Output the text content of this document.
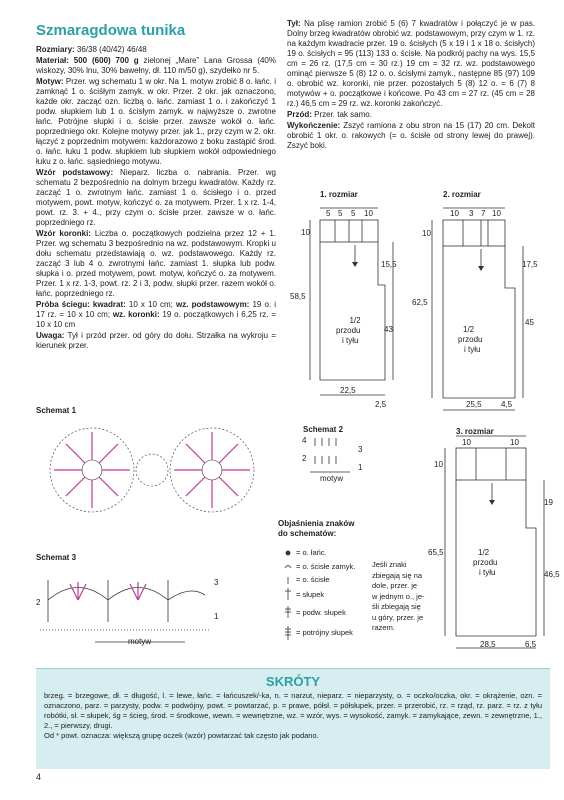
Szmaragdowa tunika

Rozmiary: 36/38 (40/42) 46/48

Materiał: 500 (600) 700 g zielonej „Mare” Lana Grossa (40% wiskozy, 30% lnu, 30% bawełny, dł. 110 m/50 g), szydełko nr 5.

Motyw: Przer. wg schematu 1 w okr. Na 1. motyw zrobić 8 o. łańc. i zamknąć 1 o. ściśłym zamyk. w okr. Przer. 2 okr. jak oznaczono, każde okr. zacząć ozn. liczbą o. łańc. zamiast 1 o. i zakończyć 1 podw. słupkiem lub 1 o. ścisłym zamyk. w najwyższe o. zwrotne łańc. Potrójne słupki i o. ścisłe przer. zawsze wokół o. łańc. poprzedniego okr. Kolejne motywy przer. jak 1., przy czym w 2. okr. łączyć z poprzednim motywem: każdorazowo z boku zastąpić środ. o. łańc. łuku 1 podw. słupkiem lub słupkiem wokół odpowiedniego łuku z o. łańc. sąsiedniego motywu.

Wzór podstawowy: Nieparz. liczba o. nabrania. Przer. wg schematu 2 bezpośrednio na dolnym brzegu kwadratów. Każdy rz. zacząć 1 o. zwrotnym łańc. zamiast 1 o. ścisłego i o. przed motywem, powt. motyw, kończyć o. za motywem. Przer. 1 x rz. 1-4, powt. rz. 3. + 4., przy czym o. ścisłe przer. zawsze w o. łańc. poprzedniego rz.

Wzór koronki: Liczba o. początkowych podzielna przez 12 + 1. Przer. wg schematu 3 bezpośrednio na wz. podstawowym. Kropki u dołu schematu przedstawiają o. wz. podstawowego. Każdy rz. zacząć 3 lub 4 o. zwrotnymi łańc. zamiast 1. słupka lub podw. słupka i o. przed motywem, powt. motyw, kończyć o. za motywem. Przer. 1 x rz. 1-3, powt. rz. 2 i 3, podw. słupki przer. razem wokół o. łańc. poprzedniego rz.

Próba ściegu: kwadrat: 10 x 10 cm; wz. podstawowym: 19 o. i 17 rz. = 10 x 10 cm; wz. koronki: 19 o. początkowych i 6,25 rz. = 10 x 10 cm

Uwaga: Tył i przód przer. od góry do dołu. Strzałka na wykroju = kierunek przer.

Tył: Na plisę ramion zrobić 5 (6) 7 kwadratów i połączyć je w pas. Dolny brzeg kwadratów obrobić wz. podstawowym, przy czym w 1. rz. na każdym kwadracie przer. 19 o. ścisłych (5 x 19 i 1 x 18 o. ścisłych) 19 o. ścisłych = 95 (113) 133 o. ścisłe. Na podkrój pachy na wys. 15,5 cm = 26 rz. (17,5 cm = 30 rz.) 19 cm = 32 rz. wz. podstawowego ominąć pierwsze 5 (8) 12 o. o. ścisłymi zamyk., następne 85 (97) 109 o. obrobić wz. koronki, nie przer. pozostałych 5 (8) 12 o. = 6 (7) 8 motywów + o. początkowe i końcowe. Po 43 cm = 27 rz. (45 cm = 28 rz.) 46,5 cm = 29 rz. wz. koronki zakończyć.

Przód: Przer. tak samo.

Wykończenie: Zszyć ramiona z obu stron na 15 (17) 20 cm. Dekolt obrobić 1 okr. o. rakowych (= o. ścisłe od strony lewej do prawej). Zszyć boki.

1. rozmiar
5 5 5 10
10
15,5
58,5
43
1/2
przodu
i tyłu
22,5
2,5
2. rozmiar
10 3 7 10
10
17,5
62,5
45
1/2
przodu
i tyłu
25,5 4,5
3. rozmiar
10	10
10
19
65,5
46,5
1/2
przodu
i tyłu
28,5	6,5
Schemat 1
Schemat 2
4
3
2
1
motyw
Schemat 3
3
2
1
motyw
Objaśnienia znaków
do schematów:
= o. łańc.
= o. ścisłe zamyk.
= o. ścisłe
= słupek
= podw. słupek
= potrójny słupek
Jeśli znaki
zbiegają się na
dole, przer. je
w jednym o., je-
śli zbiegają się
u góry, przer. je
razem.
SKRÓTY

brzeg. = brzegowe, dł. = długość, l. = lewe, łańc. = łańcuszek/-ka, n. = narzut, nieparz. = nieparzysty, o. = oczko/oczka, okr. = okrążenie, ozn. = oznaczono, parz. = parzysty, podw. = podwójny, powt. = powtarzać, p. = prawe, półsł. = półsłupek, przer. = przerobić, rz. = rząd, rz. parz. = rz. z tyłu robótki, sł. = słupek, śg = ścieg, środ. = środkowe, wewn. = wewnętrzne, wz. = wzór, wys. = wysokość, zamyk. = zamykające, zewn. = zewnętrzne, 1., 2., = pierwszy, drugi.

Od * powt. oznacza: większą grupę oczek (wzór) powtarzać tak często jak podano.

4
